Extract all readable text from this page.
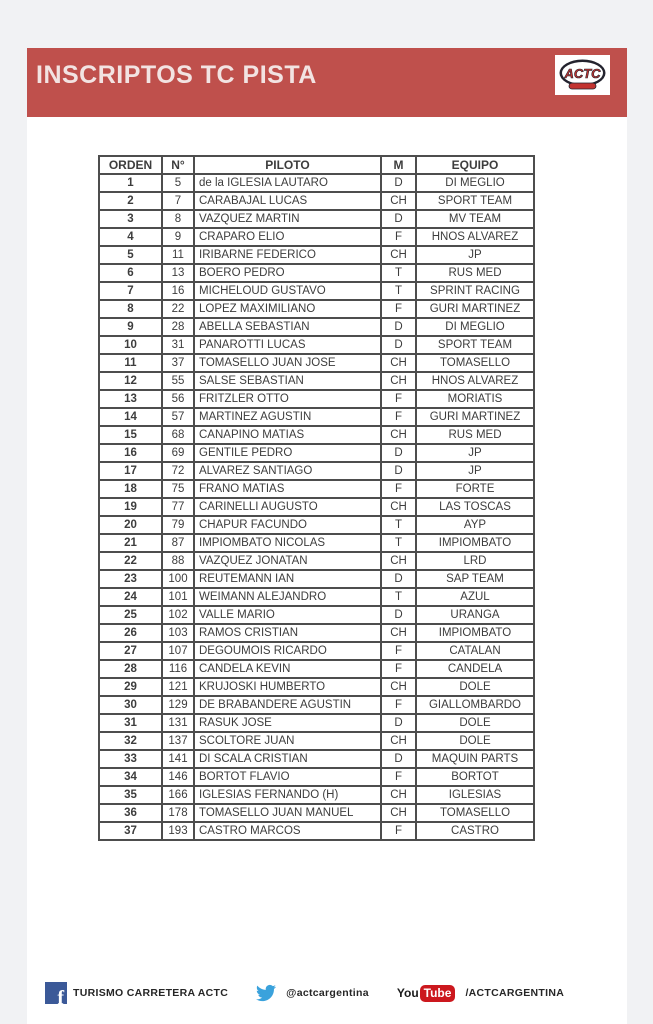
INSCRIPTOS TC PISTA	ACTC
ORDEN	N°	PILOTO	M	EQUIPO
1	5	de la IGLESIA LAUTARO	D	DI MEGLIO
2	7	CARABAJAL LUCAS	CH	SPORT TEAM
3	8	VAZQUEZ MARTIN	D	MV TEAM
4	9	CRAPARO ELIO	F	HNOS ALVAREZ
5	11	IRIBARNE FEDERICO	CH	JP
6	13	BOERO PEDRO	T	RUS MED
7	16	MICHELOUD GUSTAVO	T	SPRINT RACING
8	22	LOPEZ MAXIMILIANO	F	GURI MARTINEZ
9	28	ABELLA SEBASTIAN	D	DI MEGLIO
10	31	PANAROTTI LUCAS	D	SPORT TEAM
11	37	TOMASELLO JUAN JOSE	CH	TOMASELLO
12	55	SALSE SEBASTIAN	CH	HNOS ALVAREZ
13	56	FRITZLER OTTO	F	MORIATIS
14	57	MARTINEZ AGUSTIN	F	GURI MARTINEZ
15	68	CANAPINO MATIAS	CH	RUS MED
16	69	GENTILE PEDRO	D	JP
17	72	ALVAREZ SANTIAGO	D	JP
18	75	FRANO MATIAS	F	FORTE
19	77	CARINELLI AUGUSTO	CH	LAS TOSCAS
20	79	CHAPUR FACUNDO	T	AYP
21	87	IMPIOMBATO NICOLAS	T	IMPIOMBATO
22	88	VAZQUEZ JONATAN	CH	LRD
23	100	REUTEMANN IAN	D	SAP TEAM
24	101	WEIMANN ALEJANDRO	T	AZUL
25	102	VALLE MARIO	D	URANGA
26	103	RAMOS CRISTIAN	CH	IMPIOMBATO
27	107	DEGOUMOIS RICARDO	F	CATALAN
28	116	CANDELA KEVIN	F	CANDELA
29	121	KRUJOSKI HUMBERTO	CH	DOLE
30	129	DE BRABANDERE AGUSTIN	F	GIALLOMBARDO
31	131	RASUK JOSE	D	DOLE
32	137	SCOLTORE JUAN	CH	DOLE
33	141	DI SCALA CRISTIAN	D	MAQUIN PARTS
34	146	BORTOT FLAVIO	F	BORTOT
35	166	IGLESIAS FERNANDO (H)	CH	IGLESIAS
36	178	TOMASELLO JUAN MANUEL	CH	TOMASELLO
37	193	CASTRO MARCOS	F	CASTRO
f TURISMO CARRETERA ACTC	@actcargentina You Tube	/ACTCARGENTINA
